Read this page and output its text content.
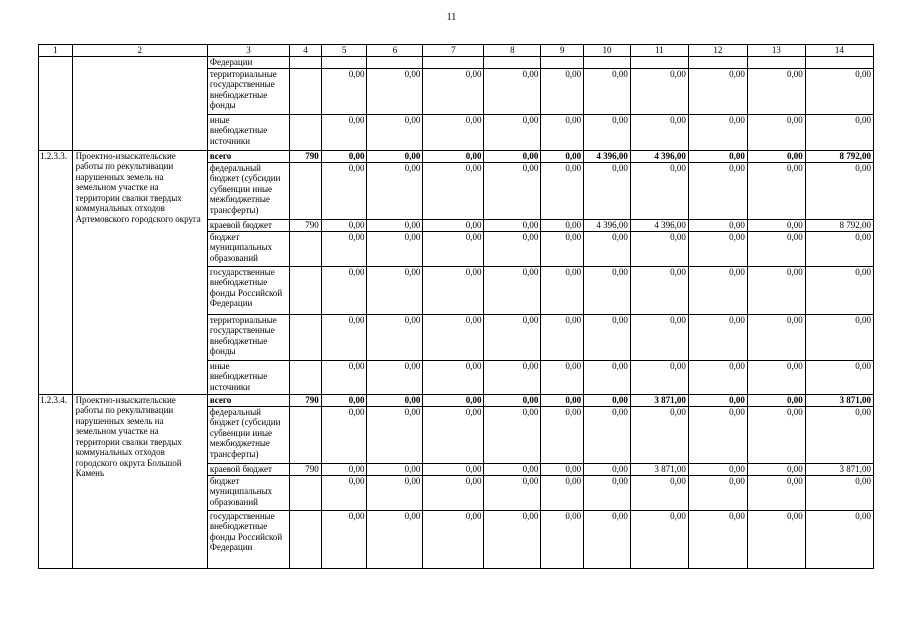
11
1	2	3	4	5	6	7	8	9	10	11	12	13	14
		Федерации											
		территориальные государственные внебюджетные фонды		0,00	0,00	0,00	0,00	0,00	0,00	0,00	0,00	0,00	0,00
		иные внебюджетные источники		0,00	0,00	0,00	0,00	0,00	0,00	0,00	0,00	0,00	0,00
1.2.3.3.	Проектно-изыскательские работы по рекультивации нарушенных земель на земельном участке на территории свалки твердых коммунальных отходов Артемовского городского округа	всего	790	0,00	0,00	0,00	0,00	0,00	4 396,00	4 396,00	0,00	0,00	8 792,00
		федеральный бюджет (субсидии субвенции иные межбюджетные трансферты)		0,00	0,00	0,00	0,00	0,00	0,00	0,00	0,00	0,00	0,00
		краевой бюджет	790	0,00	0,00	0,00	0,00	0,00	4 396,00	4 396,00	0,00	0,00	8 792,00
		бюджет муниципальных образований		0,00	0,00	0,00	0,00	0,00	0,00	0,00	0,00	0,00	0,00
		государственные внебюджетные фонды Российской Федерации		0,00	0,00	0,00	0,00	0,00	0,00	0,00	0,00	0,00	0,00
		территориальные государственные внебюджетные фонды		0,00	0,00	0,00	0,00	0,00	0,00	0,00	0,00	0,00	0,00
		иные внебюджетные источники		0,00	0,00	0,00	0,00	0,00	0,00	0,00	0,00	0,00	0,00
1.2.3.4.	Проектно-изыскательские работы по рекультивации нарушенных земель на земельном участке на территории свалки твердых коммунальных отходов городского округа Большой Камень	всего	790	0,00	0,00	0,00	0,00	0,00	0,00	3 871,00	0,00	0,00	3 871,00
		федеральный бюджет (субсидии субвенции иные межбюджетные трансферты)		0,00	0,00	0,00	0,00	0,00	0,00	0,00	0,00	0,00	0,00
		краевой бюджет	790	0,00	0,00	0,00	0,00	0,00	0,00	3 871,00	0,00	0,00	3 871,00
		бюджет муниципальных образований		0,00	0,00	0,00	0,00	0,00	0,00	0,00	0,00	0,00	0,00
		государственные внебюджетные фонды Российской Федерации		0,00	0,00	0,00	0,00	0,00	0,00	0,00	0,00	0,00	0,00
